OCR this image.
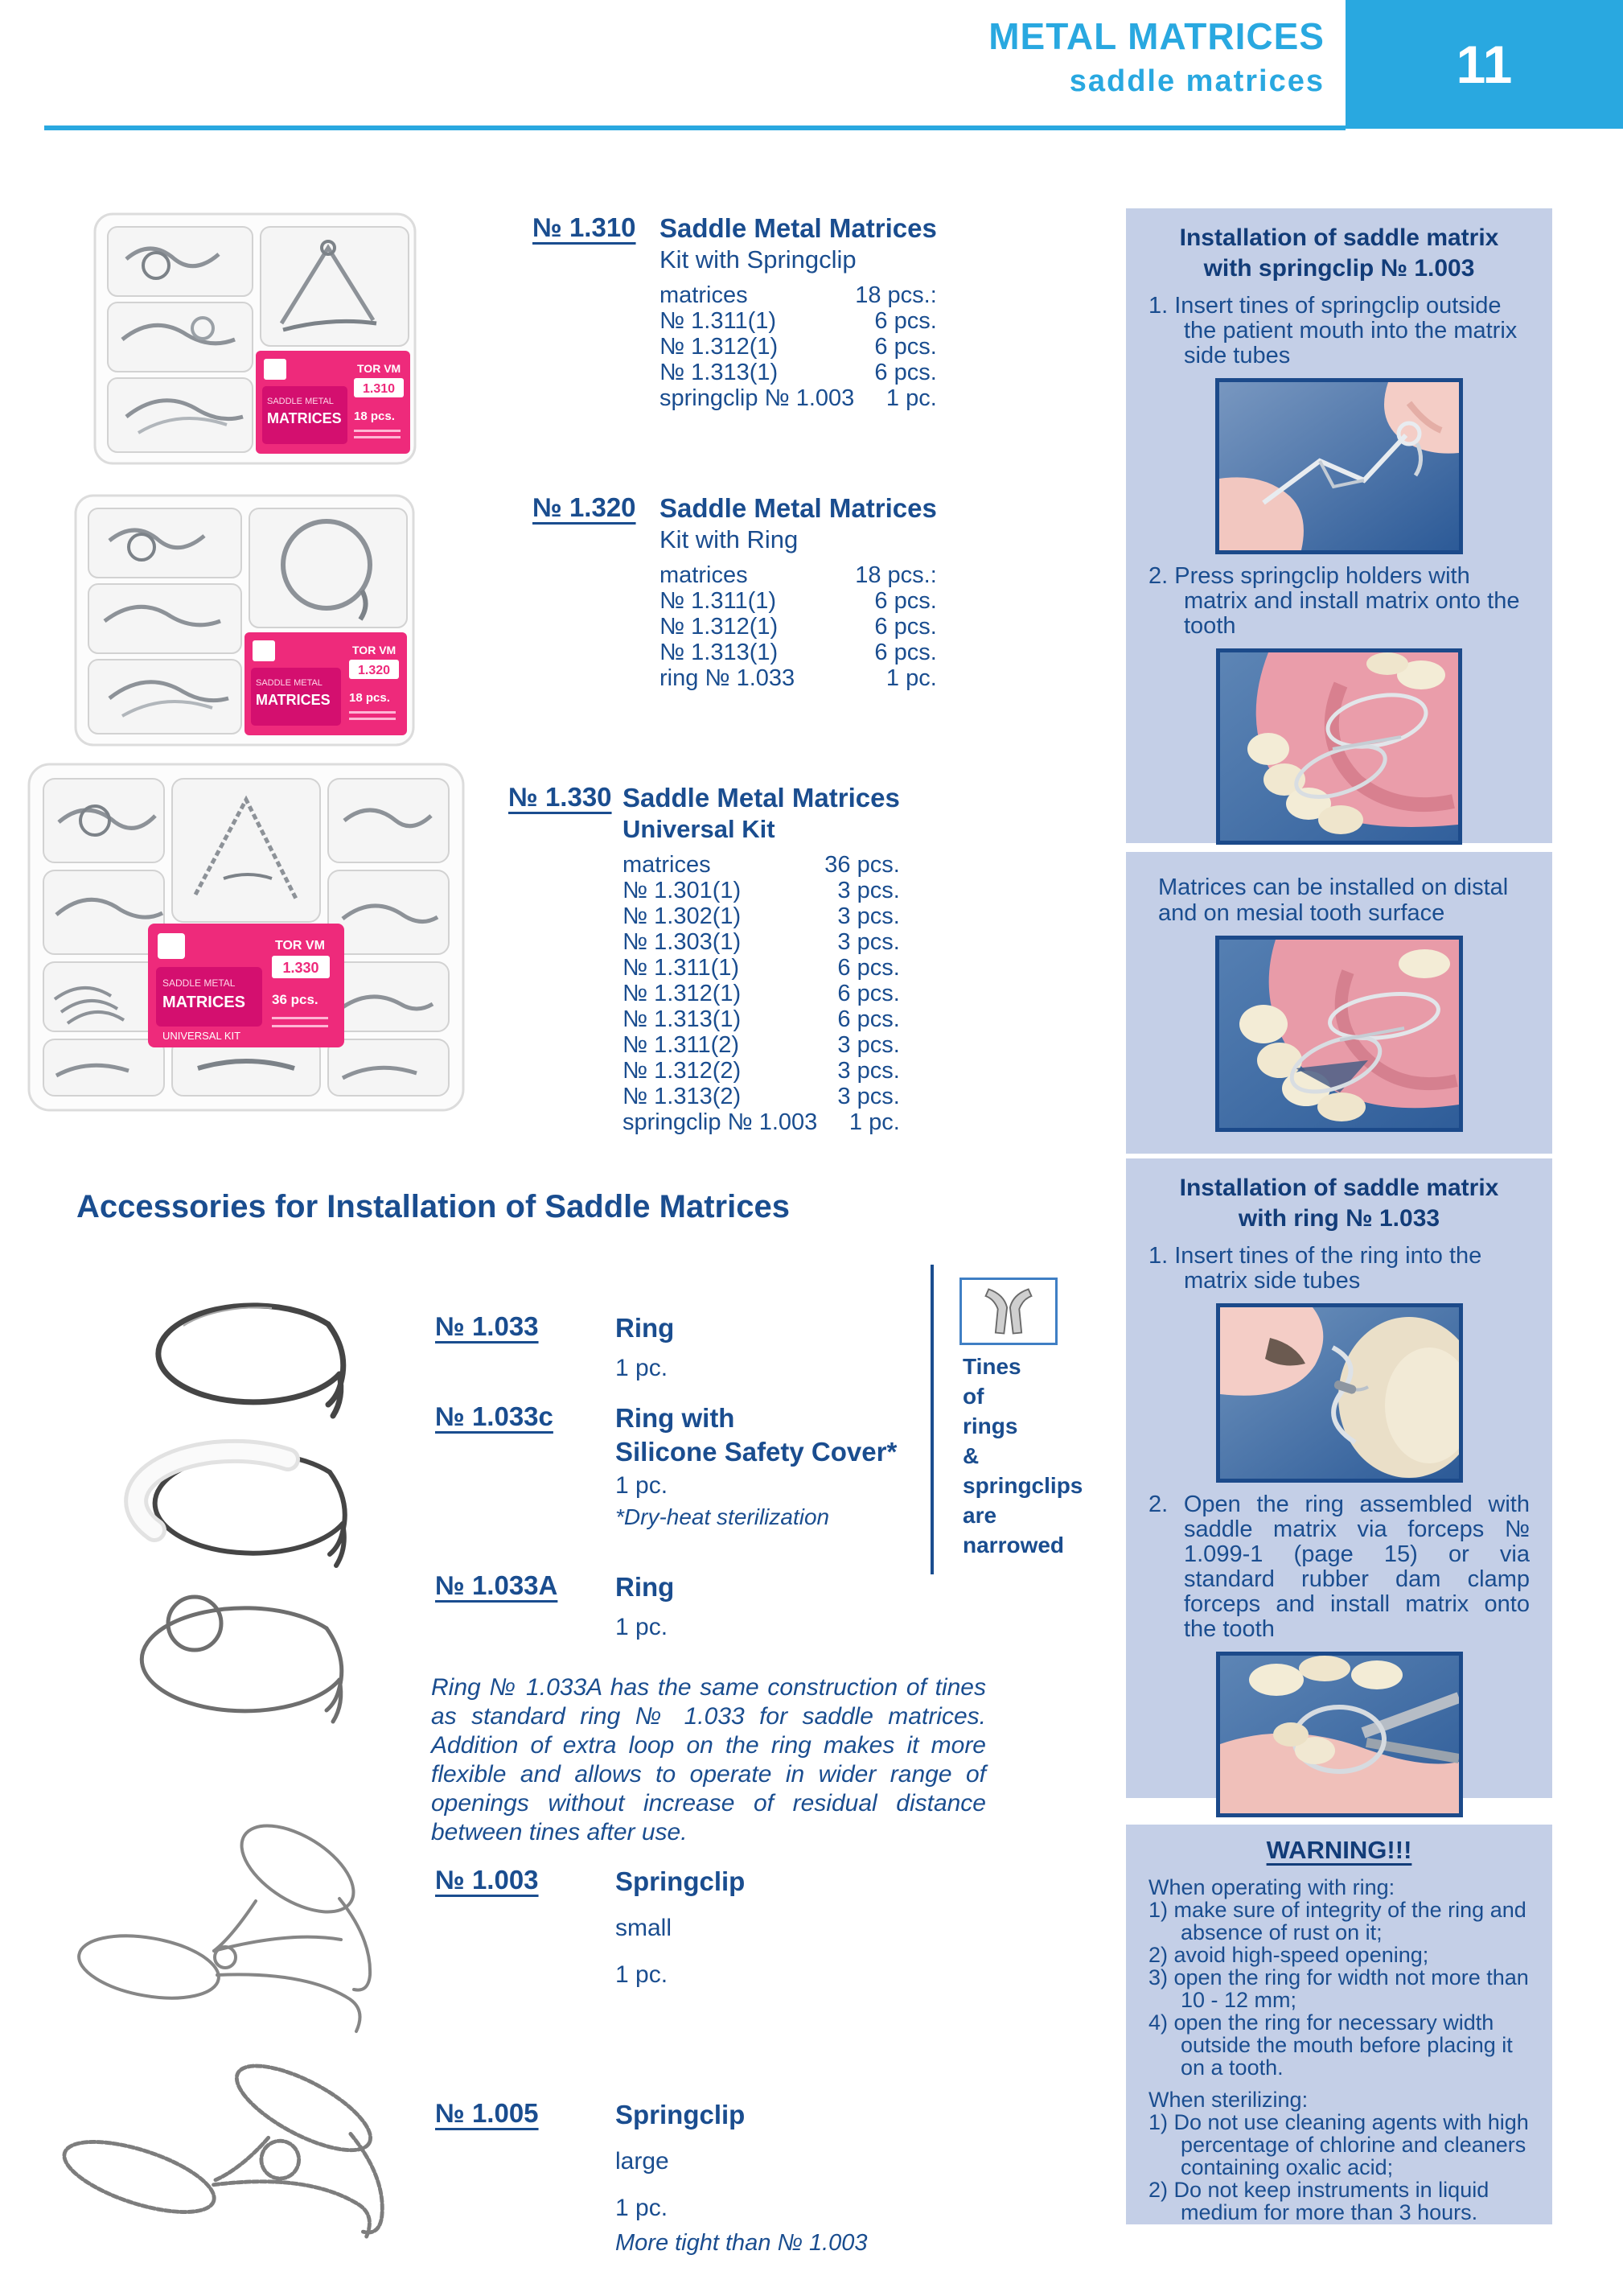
METAL MATRICES
saddle matrices 11
TOR VM
1.310
SADDLE METAL
MATRICES 18 pcs.
№ 1.310 Saddle Metal Matrices
Kit with Springclip
matrices	18 pcs.:
№ 1.311(1)	6 pcs.
№ 1.312(1)	6 pcs.
№ 1.313(1)	6 pcs.
springclip № 1.003 1 pc.
TOR VM
1.320
SADDLE METAL
MATRICES 18 pcs.
№ 1.320 Saddle Metal Matrices
Kit with Ring
matrices	18 pcs.:
№ 1.311(1)	6 pcs.
№ 1.312(1)	6 pcs.
№ 1.313(1)	6 pcs.
ring № 1.033	1 pc.
TOR VM
1.330
SADDLE METAL
MATRICES 36 pcs.
UNIVERSAL KIT
№ 1.330 Saddle Metal Matrices
Universal Kit
matrices	36 pcs.
№ 1.301(1)	3 pcs.
№ 1.302(1)	3 pcs.
№ 1.303(1)	3 pcs.
№ 1.311(1)	6 pcs.
№ 1.312(1)	6 pcs.
№ 1.313(1)	6 pcs.
№ 1.311(2)	3 pcs.
№ 1.312(2)	3 pcs.
№ 1.313(2)	3 pcs.
springclip № 1.003 1 pc.
Accessories for Installation of Saddle Matrices
№ 1.033	Ring
1 pc.	Tines
of
rings
&
springclips
are
narrowed
№ 1.033c	Ring with
Silicone Safety Cover*
1 pc.
*Dry-heat sterilization
№ 1.033A	Ring
1 pc.
Ring № 1.033A has the same construction of tines as standard ring № 1.033 for saddle matrices. Addition of extra loop on the ring makes it more flexible and allows to operate in wider range of openings without increase of residual distance between tines after use.
№ 1.003	Springclip
small
1 pc.
№ 1.005	Springclip
large
1 pc.
More tight than № 1.003
Installation of saddle matrix
with springclip № 1.003
1. Insert tines of springclip outside the patient mouth into the matrix side tubes
2. Press springclip holders with matrix and install matrix onto the tooth
Matrices can be installed on distal
and on mesial tooth surface
Installation of saddle matrix
with ring № 1.033
1. Insert tines of the ring into the matrix side tubes
2. Open the ring assembled with saddle matrix via forceps № 1.099-1 (page 15) or via standard rubber dam clamp forceps and install matrix onto the tooth
WARNING!!!
When operating with ring:
1) make sure of integrity of the ring and absence of rust on it;
2) avoid high-speed opening;
3) open the ring for width not more than 10 - 12 mm;
4) open the ring for necessary width outside the mouth before placing it on a tooth.
When sterilizing:
1) Do not use cleaning agents with high percentage of chlorine and cleaners containing oxalic acid;
2) Do not keep instruments in liquid medium for more than 3 hours.
